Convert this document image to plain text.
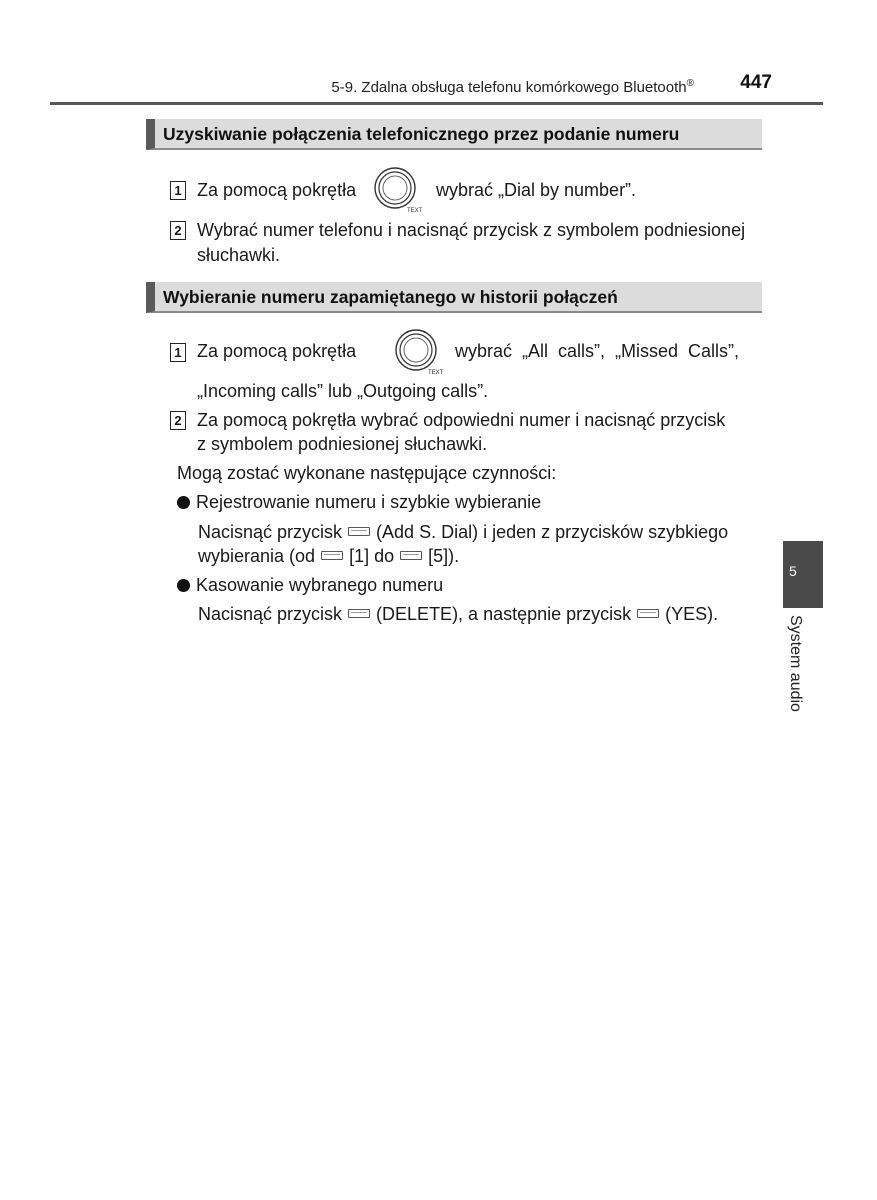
5-9. Zdalna obsługa telefonu komórkowego Bluetooth® 447
Uzyskiwanie połączenia telefonicznego przez podanie numeru
1 Za pomocą pokrętła
TEXT
wybrać „Dial by number”.
2 Wybrać numer telefonu i nacisnąć przycisk z symbolem podniesionej
słuchawki.
Wybieranie numeru zapamiętanego w historii połączeń
1 Za pomocą pokrętła
TEXT
wybrać  „All  calls”,  „Missed  Calls”,
„Incoming calls” lub „Outgoing calls”.
2 Za pomocą pokrętła wybrać odpowiedni numer i nacisnąć przycisk
z symbolem podniesionej słuchawki.
Mogą zostać wykonane następujące czynności:
Rejestrowanie numeru i szybkie wybieranie
Nacisnąć przycisk (Add S. Dial) i jeden z przycisków szybkiego
wybierania (od [1] do [5]).
Kasowanie wybranego numeru
Nacisnąć przycisk (DELETE), a następnie przycisk (YES).
5
System audio
